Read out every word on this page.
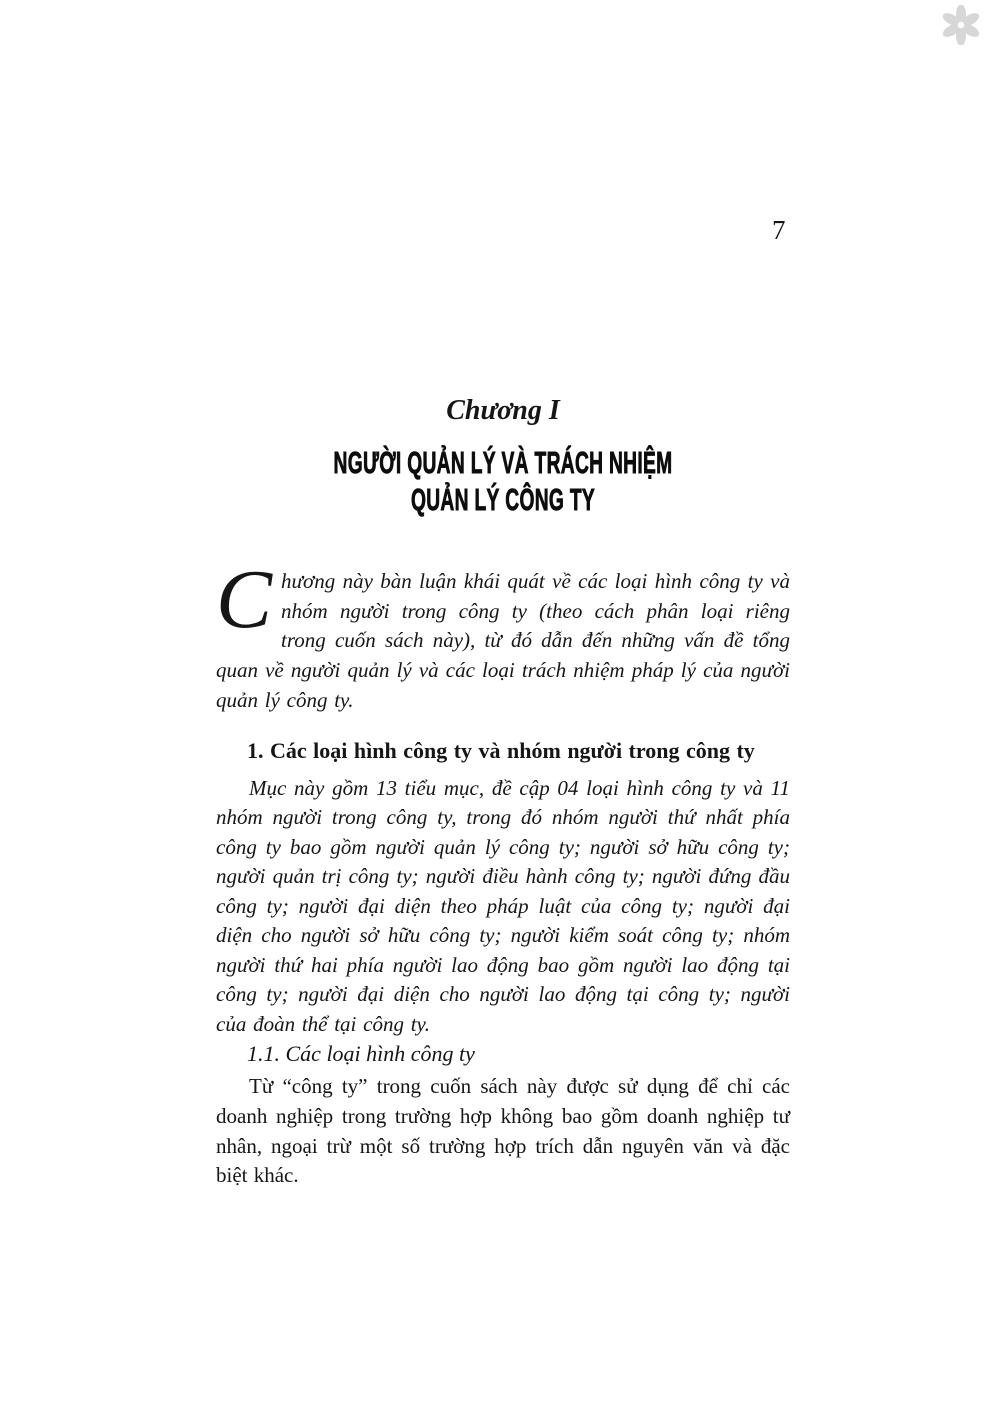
7
Chương I
NGƯỜI QUẢN LÝ VÀ TRÁCH NHIỆM
QUẢN LÝ CÔNG TY

Chương này bàn luận khái quát về các loại hình công ty và nhóm người trong công ty (theo cách phân loại riêng trong cuốn sách này), từ đó dẫn đến những vấn đề tổng quan về người quản lý và các loại trách nhiệm pháp lý của người quản lý công ty.

1. Các loại hình công ty và nhóm người trong công ty

Mục này gồm 13 tiểu mục, đề cập 04 loại hình công ty và 11 nhóm người trong công ty, trong đó nhóm người thứ nhất phía công ty bao gồm người quản lý công ty; người sở hữu công ty; người quản trị công ty; người điều hành công ty; người đứng đầu công ty; người đại diện theo pháp luật của công ty; người đại diện cho người sở hữu công ty; người kiểm soát công ty; nhóm người thứ hai phía người lao động bao gồm người lao động tại công ty; người đại diện cho người lao động tại công ty; người của đoàn thể tại công ty.

1.1. Các loại hình công ty

Từ “công ty” trong cuốn sách này được sử dụng để chỉ các doanh nghiệp trong trường hợp không bao gồm doanh nghiệp tư nhân, ngoại trừ một số trường hợp trích dẫn nguyên văn và đặc biệt khác.
